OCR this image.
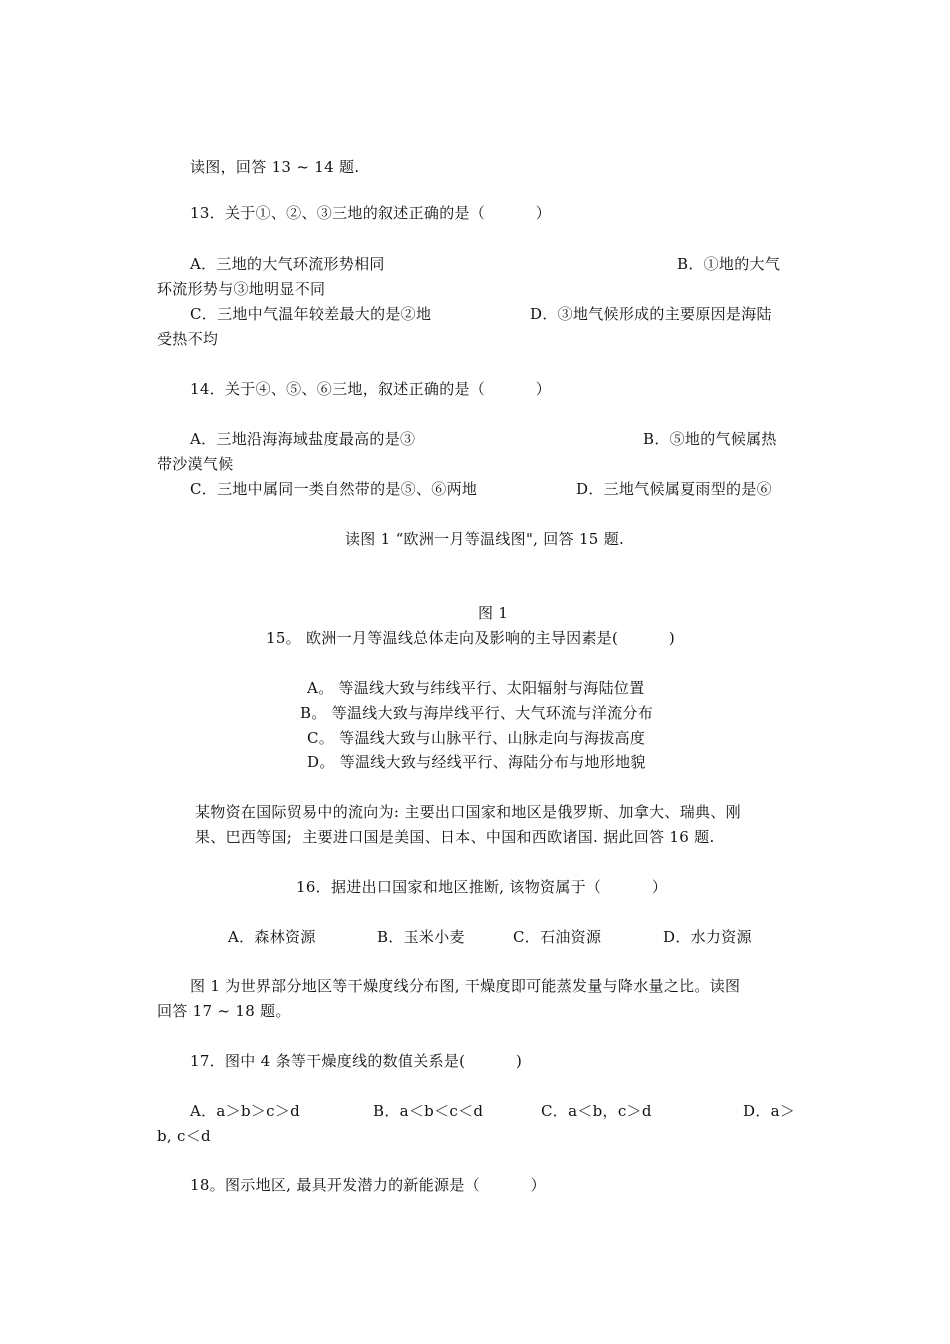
读图，回答 13 ~ 14 题.
13．关于①、②、③三地的叙述正确的是（          ）
A．三地的大气环流形势相同	B．①地的大气
环流形势与③地明显不同
C．三地中气温年较差最大的是②地	D．③地气候形成的主要原因是海陆
受热不均
14．关于④、⑤、⑥三地，叙述正确的是（          ）
A．三地沿海海域盐度最高的是③	B．⑤地的气候属热
带沙漠气候
C．三地中属同一类自然带的是⑤、⑥两地	D．三地气候属夏雨型的是⑥
读图 1 “欧洲一月等温线图", 回答 15 题.
图 1
15。 欧洲一月等温线总体走向及影响的主导因素是(          )
A。 等温线大致与纬线平行、太阳辐射与海陆位置
B。 等温线大致与海岸线平行、大气环流与洋流分布
C。 等温线大致与山脉平行、山脉走向与海拔高度
D。 等温线大致与经线平行、海陆分布与地形地貌
某物资在国际贸易中的流向为: 主要出口国家和地区是俄罗斯、加拿大、瑞典、刚
果、巴西等国;  主要进口国是美国、日本、中国和西欧诸国. 据此回答 16 题.
16．据进出口国家和地区推断, 该物资属于（          ）
A．森林资源	B．玉米小麦	C．石油资源	D．水力资源
图 1 为世界部分地区等干燥度线分布图, 干燥度即可能蒸发量与降水量之比。读图
回答 17 ~ 18 题。
17．图中 4 条等干燥度线的数值关系是(          )
A．a＞b＞c＞d	B．a＜b＜c＜d	C．a＜b，c＞d	D．a＞
b, c＜d
18。图示地区, 最具开发潜力的新能源是（          ）
